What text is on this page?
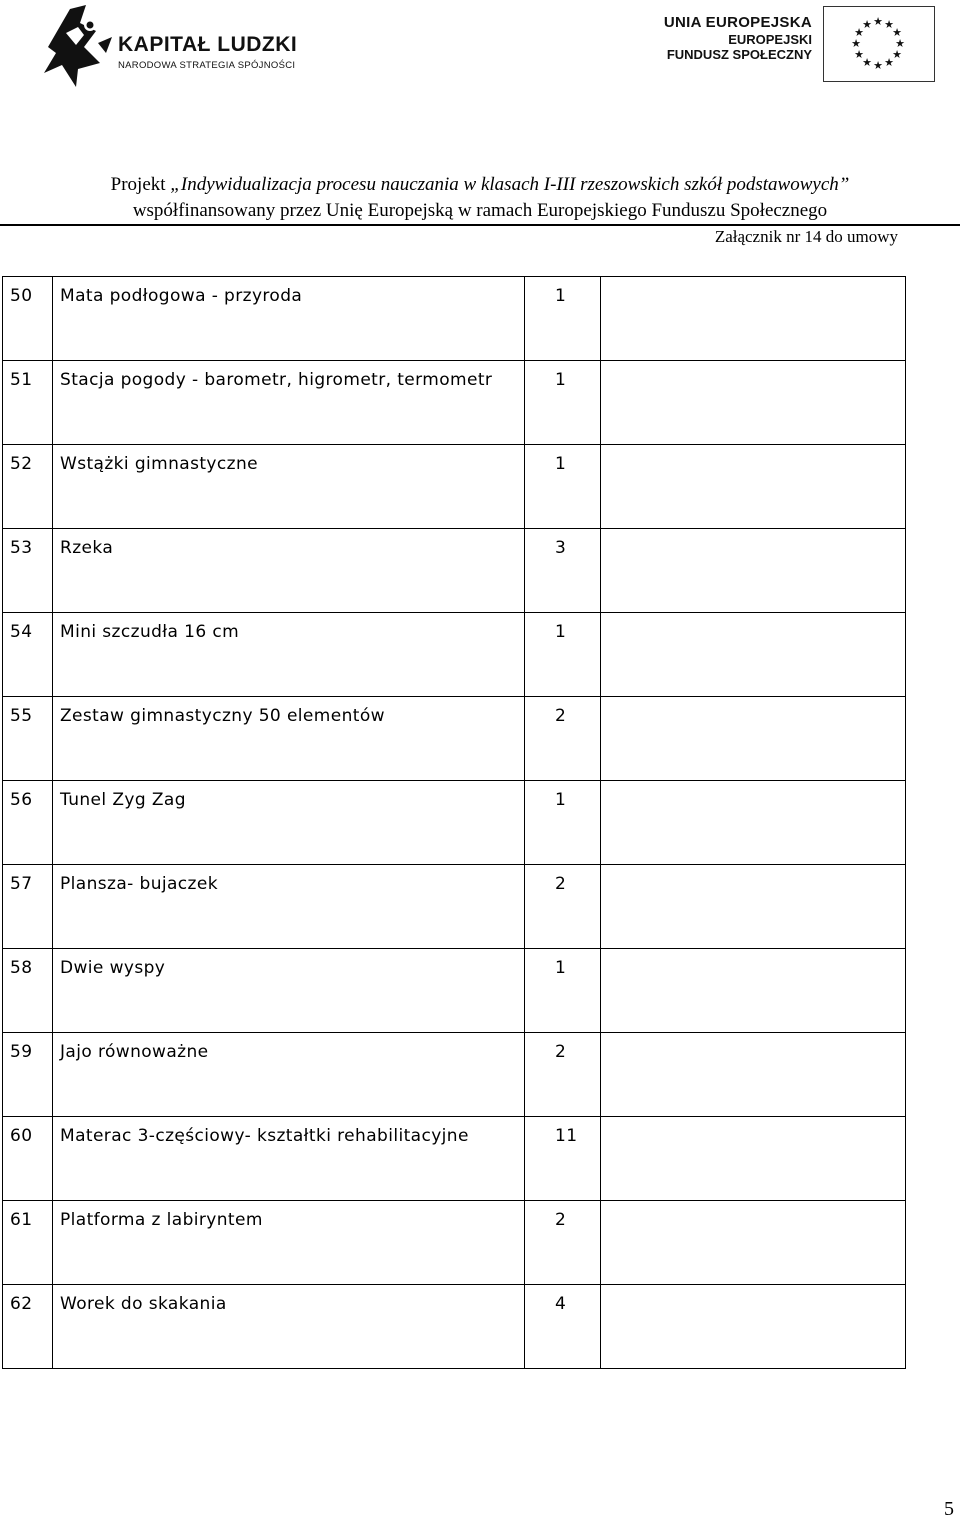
KAPITAŁ LUDZKI
NARODOWA STRATEGIA SPÓJNOŚCI
UNIA EUROPEJSKA
EUROPEJSKI
FUNDUSZ SPOŁECZNY
★ ★
★
★
★
★
★
★
★
★
★
★
Projekt „Indywidualizacja procesu nauczania w klasach I-III rzeszowskich szkół podstawowych”
współfinansowany przez Unię Europejską w ramach Europejskiego Funduszu Społecznego
Załącznik nr 14 do umowy
50	Mata podłogowa - przyroda	1	
51	Stacja pogody - barometr, higrometr, termometr	1	
52	Wstążki gimnastyczne	1	
53	Rzeka	3	
54	Mini szczudła 16 cm	1	
55	Zestaw gimnastyczny 50 elementów	2	
56	Tunel Zyg Zag	1	
57	Plansza- bujaczek	2	
58	Dwie wyspy	1	
59	Jajo równoważne	2	
60	Materac 3-częściowy- kształtki rehabilitacyjne	11	
61	Platforma z labiryntem	2	
62	Worek do skakania	4	
5
